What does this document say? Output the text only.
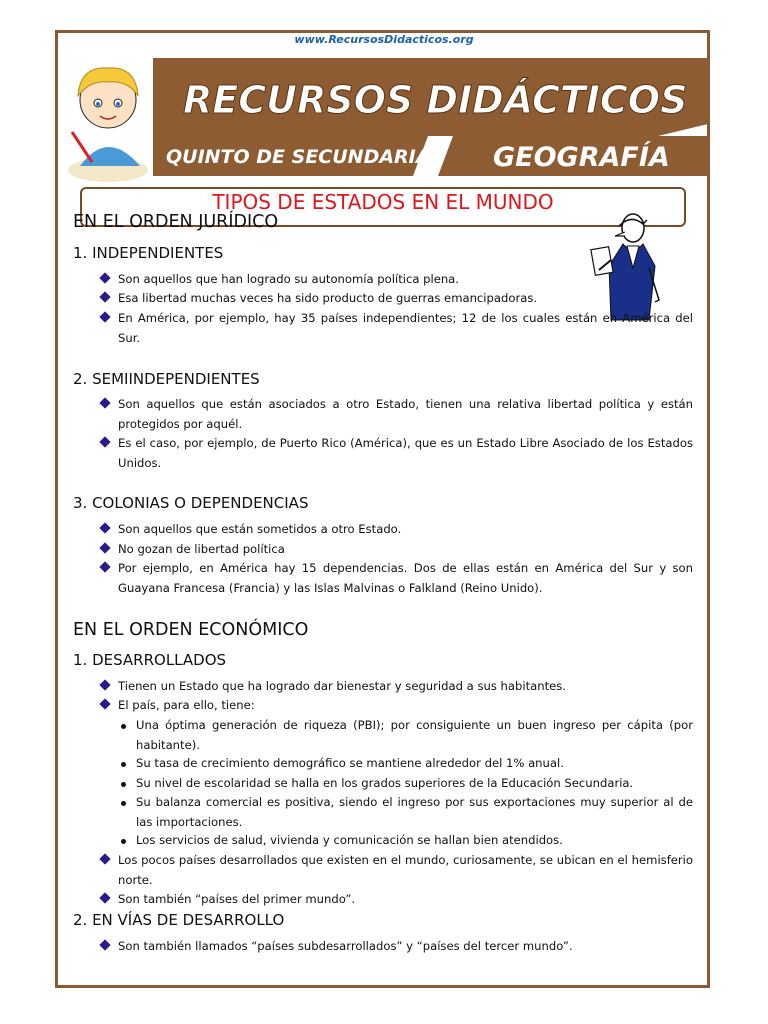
www.RecursosDidacticos.org
RECURSOS DIDÁCTICOS
QUINTO DE SECUNDARIA GEOGRAFÍA
TIPOS DE ESTADOS EN EL MUNDO
EN EL ORDEN JURÍDICO
1. INDEPENDIENTES
Son aquellos que han logrado su autonomía política plena.
Esa libertad muchas veces ha sido producto de guerras emancipadoras.
En América, por ejemplo, hay 35 países independientes; 12 de los cuales están en América del Sur.
2. SEMIINDEPENDIENTES
Son aquellos que están asociados a otro Estado, tienen una relativa libertad política y están protegidos por aquél.
Es el caso, por ejemplo, de Puerto Rico (América), que es un Estado Libre Asociado de los Estados Unidos.
3. COLONIAS O DEPENDENCIAS
Son aquellos que están sometidos a otro Estado.
No gozan de libertad política
Por ejemplo, en América hay 15 dependencias. Dos de ellas están en América del Sur y son Guayana Francesa (Francia) y las Islas Malvinas o Falkland (Reino Unido).
EN EL ORDEN ECONÓMICO
1. DESARROLLADOS
Tienen un Estado que ha logrado dar bienestar y seguridad a sus habitantes.
El país, para ello, tiene:
Una óptima generación de riqueza (PBI); por consiguiente un buen ingreso per cápita (por habitante).
Su tasa de crecimiento demográfico se mantiene alrededor del 1% anual.
Su nivel de escolaridad se halla en los grados superiores de la Educación Secundaria.
Su balanza comercial es positiva, siendo el ingreso por sus exportaciones muy superior al de las importaciones.
Los servicios de salud, vivienda y comunicación se hallan bien atendidos.
Los pocos países desarrollados que existen en el mundo, curiosamente, se ubican en el hemisferio norte.
Son también “países del primer mundo”.
2. EN VÍAS DE DESARROLLO
Son también llamados “países subdesarrollados” y “países del tercer mundo”.
